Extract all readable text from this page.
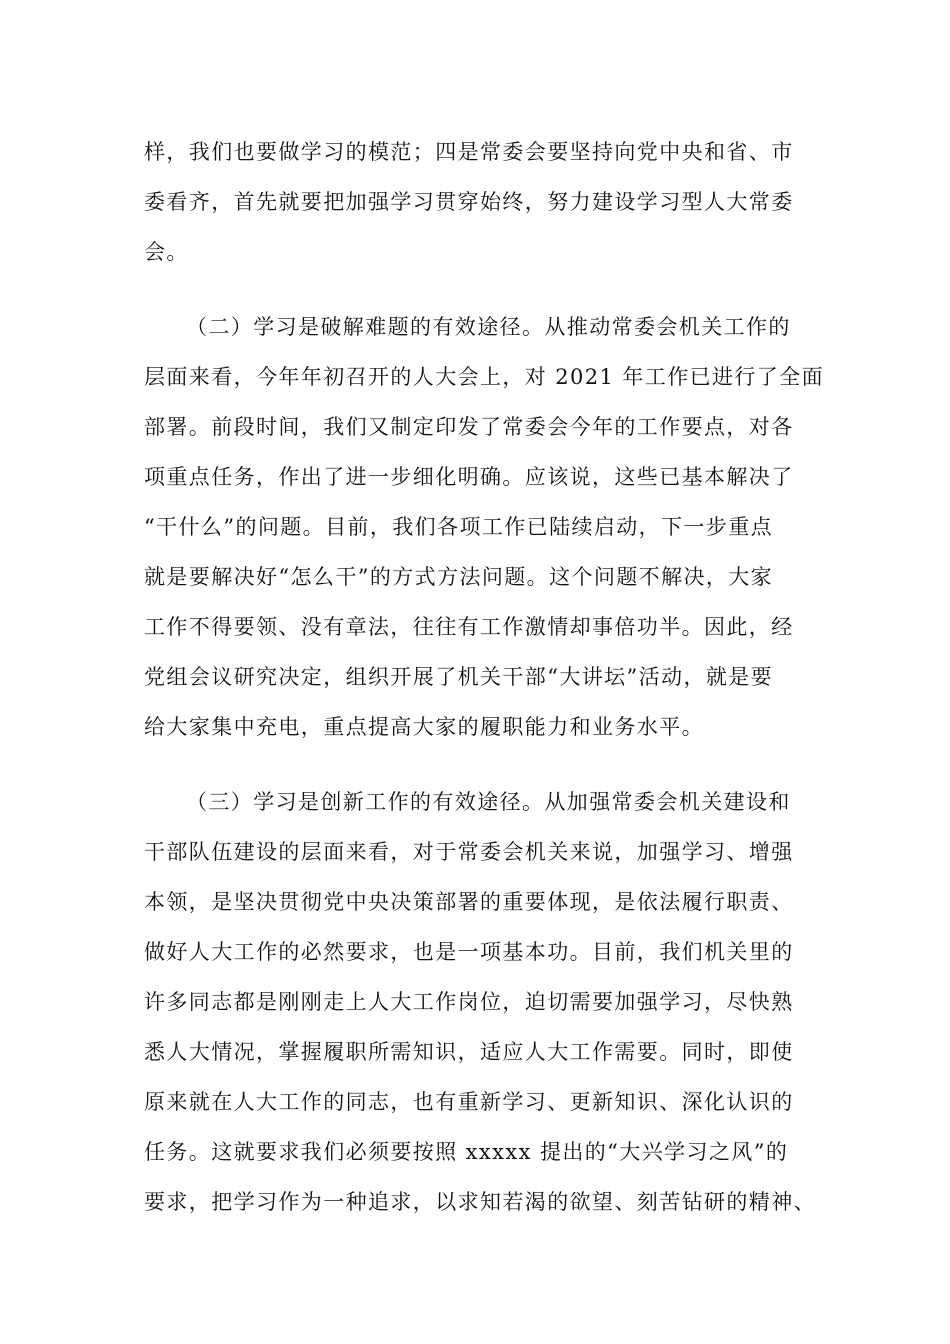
样，我们也要做学习的模范；四是常委会要坚持向党中央和省、市
委看齐，首先就要把加强学习贯穿始终，努力建设学习型人大常委
会。
（二）学习是破解难题的有效途径。从推动常委会机关工作的
层面来看，今年年初召开的人大会上，对 2021 年工作已进行了全面
部署。前段时间，我们又制定印发了常委会今年的工作要点，对各
项重点任务，作出了进一步细化明确。应该说，这些已基本解决了
“干什么”的问题。目前，我们各项工作已陆续启动，下一步重点
就是要解决好“怎么干”的方式方法问题。这个问题不解决，大家
工作不得要领、没有章法，往往有工作激情却事倍功半。因此，经
党组会议研究决定，组织开展了机关干部“大讲坛”活动，就是要
给大家集中充电，重点提高大家的履职能力和业务水平。
（三）学习是创新工作的有效途径。从加强常委会机关建设和
干部队伍建设的层面来看，对于常委会机关来说，加强学习、增强
本领，是坚决贯彻党中央决策部署的重要体现，是依法履行职责、
做好人大工作的必然要求，也是一项基本功。目前，我们机关里的
许多同志都是刚刚走上人大工作岗位，迫切需要加强学习，尽快熟
悉人大情况，掌握履职所需知识，适应人大工作需要。同时，即使
原来就在人大工作的同志，也有重新学习、更新知识、深化认识的
任务。这就要求我们必须要按照 xxxxx 提出的“大兴学习之风”的
要求，把学习作为一种追求，以求知若渴的欲望、刻苦钻研的精神、
